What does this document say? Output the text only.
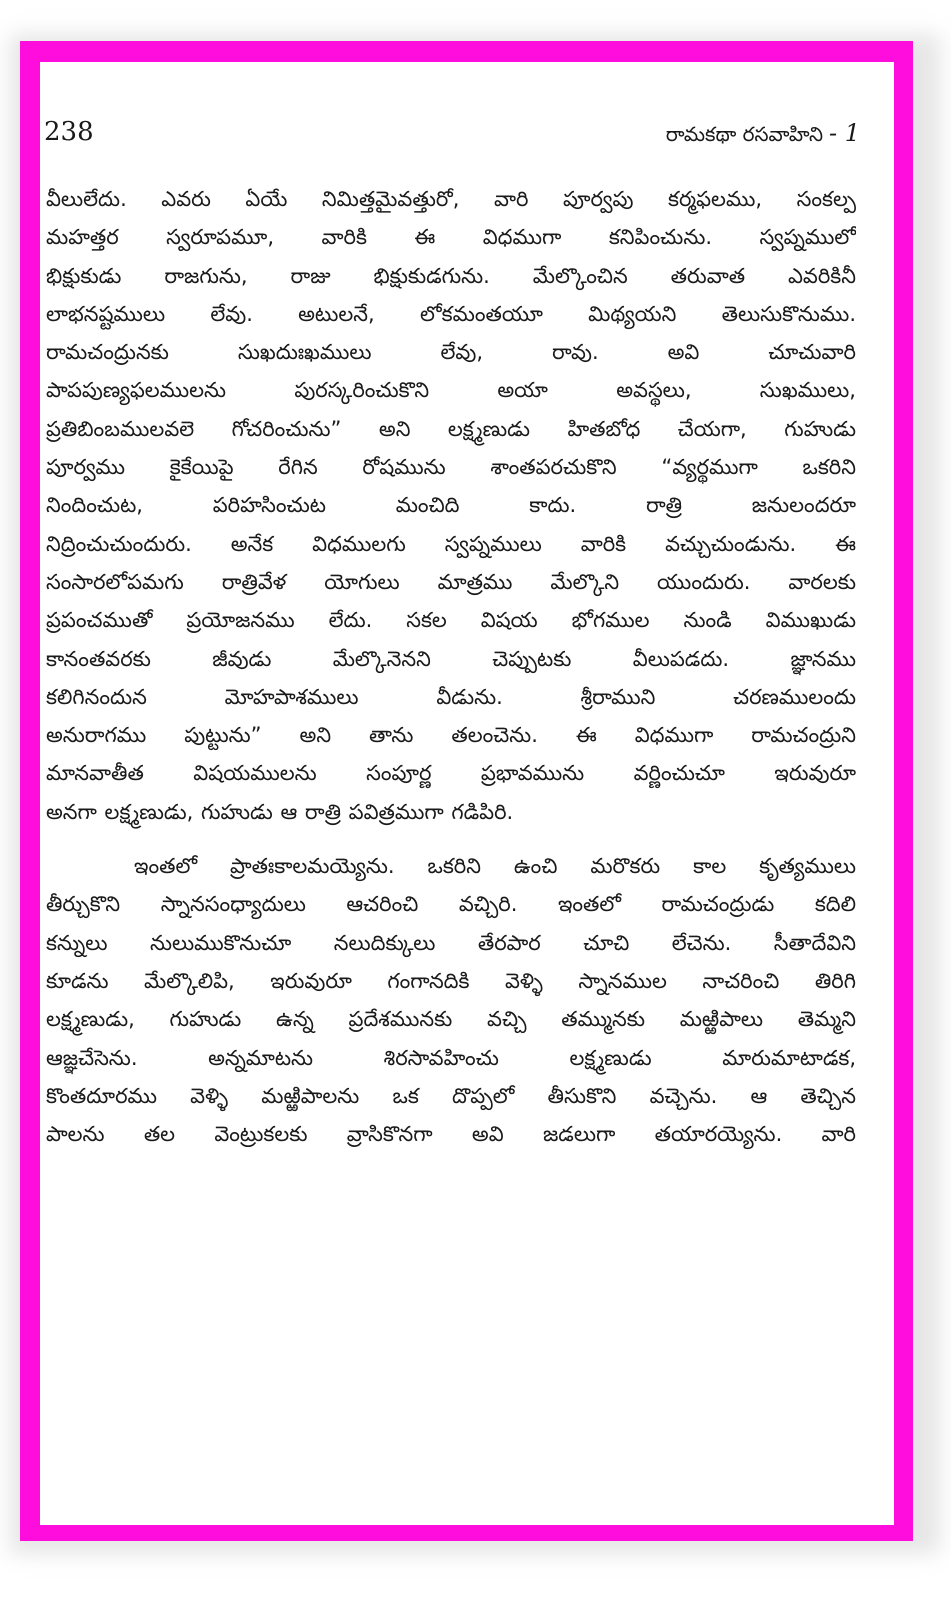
238	రామకథా రసవాహిని - 1
వీలులేదు. ఎవరు ఏయే నిమిత్తమైవత్తురో, వారి పూర్వపు కర్మఫలము, సంకల్ప
మహత్తర స్వరూపమూ, వారికి ఈ విధముగా కనిపించును. స్వప్నములో
భిక్షుకుడు రాజగును, రాజు భిక్షుకుడగును. మేల్కొంచిన తరువాత ఎవరికినీ
లాభనష్టములు లేవు. అటులనే, లోకమంతయూ మిథ్యయని తెలుసుకొనుము.
రామచంద్రునకు సుఖదుఃఖములు లేవు, రావు. అవి చూచువారి
పాపపుణ్యఫలములను పురస్కరించుకొని అయా అవస్థలు, సుఖములు,
ప్రతిబింబములవలె గోచరించును” అని లక్ష్మణుడు హితబోధ చేయగా, గుహుడు
పూర్వము కైకేయిపై రేగిన రోషమును శాంతపరచుకొని “వ్యర్థముగా ఒకరిని
నిందించుట, పరిహసించుట మంచిది కాదు. రాత్రి జనులందరూ
నిద్రించుచుందురు. అనేక విధములగు స్వప్నములు వారికి వచ్చుచుండును. ఈ
సంసారలోపమగు రాత్రివేళ యోగులు మాత్రము మేల్కొని యుందురు. వారలకు
ప్రపంచముతో ప్రయోజనము లేదు. సకల విషయ భోగముల నుండి విముఖుడు
కానంతవరకు జీవుడు మేల్కొనెనని చెప్పుటకు వీలుపడదు. జ్ఞానము
కలిగినందున మోహపాశములు వీడును. శ్రీరాముని చరణములందు
అనురాగము పుట్టును” అని తాను తలంచెను. ఈ విధముగా రామచంద్రుని
మానవాతీత విషయములను సంపూర్ణ ప్రభావమును వర్ణించుచూ ఇరువురూ
అనగా లక్ష్మణుడు, గుహుడు ఆ రాత్రి పవిత్రముగా గడిపిరి.
ఇంతలో ప్రాతఃకాలమయ్యెను. ఒకరిని ఉంచి మరొకరు కాల కృత్యములు
తీర్చుకొని స్నానసంధ్యాదులు ఆచరించి వచ్చిరి. ఇంతలో రామచంద్రుడు కదిలి
కన్నులు నులుముకొనుచూ నలుదిక్కులు తేరపార చూచి లేచెను. సీతాదేవిని
కూడను మేల్కొలిపి, ఇరువురూ గంగానదికి వెళ్ళి స్నానముల నాచరించి తిరిగి
లక్ష్మణుడు, గుహుడు ఉన్న ప్రదేశమునకు వచ్చి తమ్మునకు మఱ్ఱిపాలు తెమ్మని
ఆజ్ఞచేసెను. అన్నమాటను శిరసావహించు లక్ష్మణుడు మారుమాటాడక,
కొంతదూరము వెళ్ళి మఱ్ఱిపాలను ఒక దొప్పలో తీసుకొని వచ్చెను. ఆ తెచ్చిన
పాలను తల వెంట్రుకలకు వ్రాసికొనగా అవి జడలుగా తయారయ్యెను. వారి
